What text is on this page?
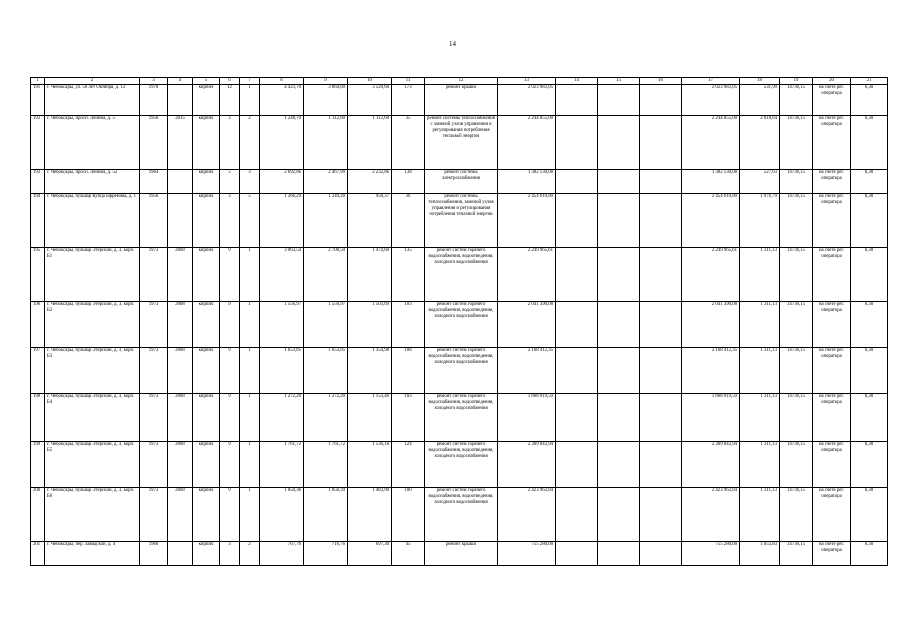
14
1	2	3	4	5	6	7	8	9	10	11	12	13	14	15	16	17	18	19	20	21
191	г. Чебоксары, ул. 50 лет Октября, д. 12	1970		кирпич	12	1	4 423,70	3 864,60	3 520,60	173	ремонт крыши	2 023 983,05				2 023 983,05	531,99	14736,15	на счете рег. оператора	6,30
192	г. Чебоксары, просп. Ленина, д. 5	1950	2015	кирпич	3	2	1 248,70	1 112,60	1 112,60	35	ремонт системы теплоснабжения с заменой узлов управления и регулирования потребления тепловой энергии	2 244 855,00				2 244 855,00	2 018,64	14736,15	на счете рег. оператора	6,30
193	г. Чебоксары, просп. Ленина, д. 52	1964		кирпич	5	3	2 692,86	2 467,99	2 232,86	138	ремонт системы электроснабжения	1 302 138,08				1 302 138,08	527,63	14736,15	на счете рег. оператора	6,30
194	г. Чебоксары, бульвар Купца Ефремова, д. 1	1950		кирпич	3	5	1 366,29	1 249,20	950,37	36	ремонт системы теплоснабжения, заменой узлов управления и регулирования потребления тепловой энергии	2 454 610,80				2 454 610,80	1 976,79	14736,15	на счете рег. оператора	6,30
195	г. Чебоксары, бульвар Эгерский, д. 3, корп. Б1	1973	2008	кирпич	9	1	3 063,54	2 708,50	1 474,60	135	ремонт систем горячего водоснабжения, водоотведения, холодного водоснабжения	2 249 965,61				2 249 965,61	1 311,13	14736,15	на счете рег. оператора	6,30
196	г. Чебоксары, бульвар Эгерский, д. 3, корп. Б2	1973	2008	кирпич	9	1	1 556,97	1 556,97	1 503,69	103	ремонт систем горячего водоснабжения, водоотведения, холодного водоснабжения	2 041 390,08				2 041 390,08	1 311,13	14736,15	на счете рег. оператора	6,30
197	г. Чебоксары, бульвар Эгерский, д. 3, корп. Б3	1973	2008	кирпич	9	1	1 653,85	1 653,85	1 354,98	108	ремонт систем горячего водоснабжения, водоотведения, холодного водоснабжения	2 168 412,35				2 168 412,35	1 311,13	14736,15	на счете рег. оператора	6,30
198	г. Чебоксары, бульвар Эгерский, д. 3, корп. Б4	1973	2008	кирпич	9	1	1 272,20	1 272,20	1 153,40	103	ремонт систем горячего водоснабжения, водоотведения, холодного водоснабжения	1 668 019,59				1 668 019,59	1 311,13	14736,15	на счете рег. оператора	6,30
199	г. Чебоксары, бульвар Эгерский, д. 3, корп. Б5	1973	2008	кирпич	9	1	1 761,72	1 761,72	1 536,18	124	ремонт систем горячего водоснабжения, водоотведения, холодного водоснабжения	2 309 843,94				2 309 843,94	1 311,13	14736,15	на счете рег. оператора	6,30
200	г. Чебоксары, бульвар Эгерский, д. 3, корп. Б6	1973	2008	кирпич	9	1	1 850,36	1 850,39	1 483,90	100	ремонт систем горячего водоснабжения, водоотведения, холодного водоснабжения	2 423 963,84				2 423 963,84	1 311,13	14736,15	на счете рег. оператора	6,30
201	г. Чебоксары, пер. Заводской, д. 4	1960		кирпич	3	2	767,76	716,76	697,30	45	ремонт крыши	755 280,00				755 280,00	1 053,83	14736,15	на счете рег. оператора	6,30
